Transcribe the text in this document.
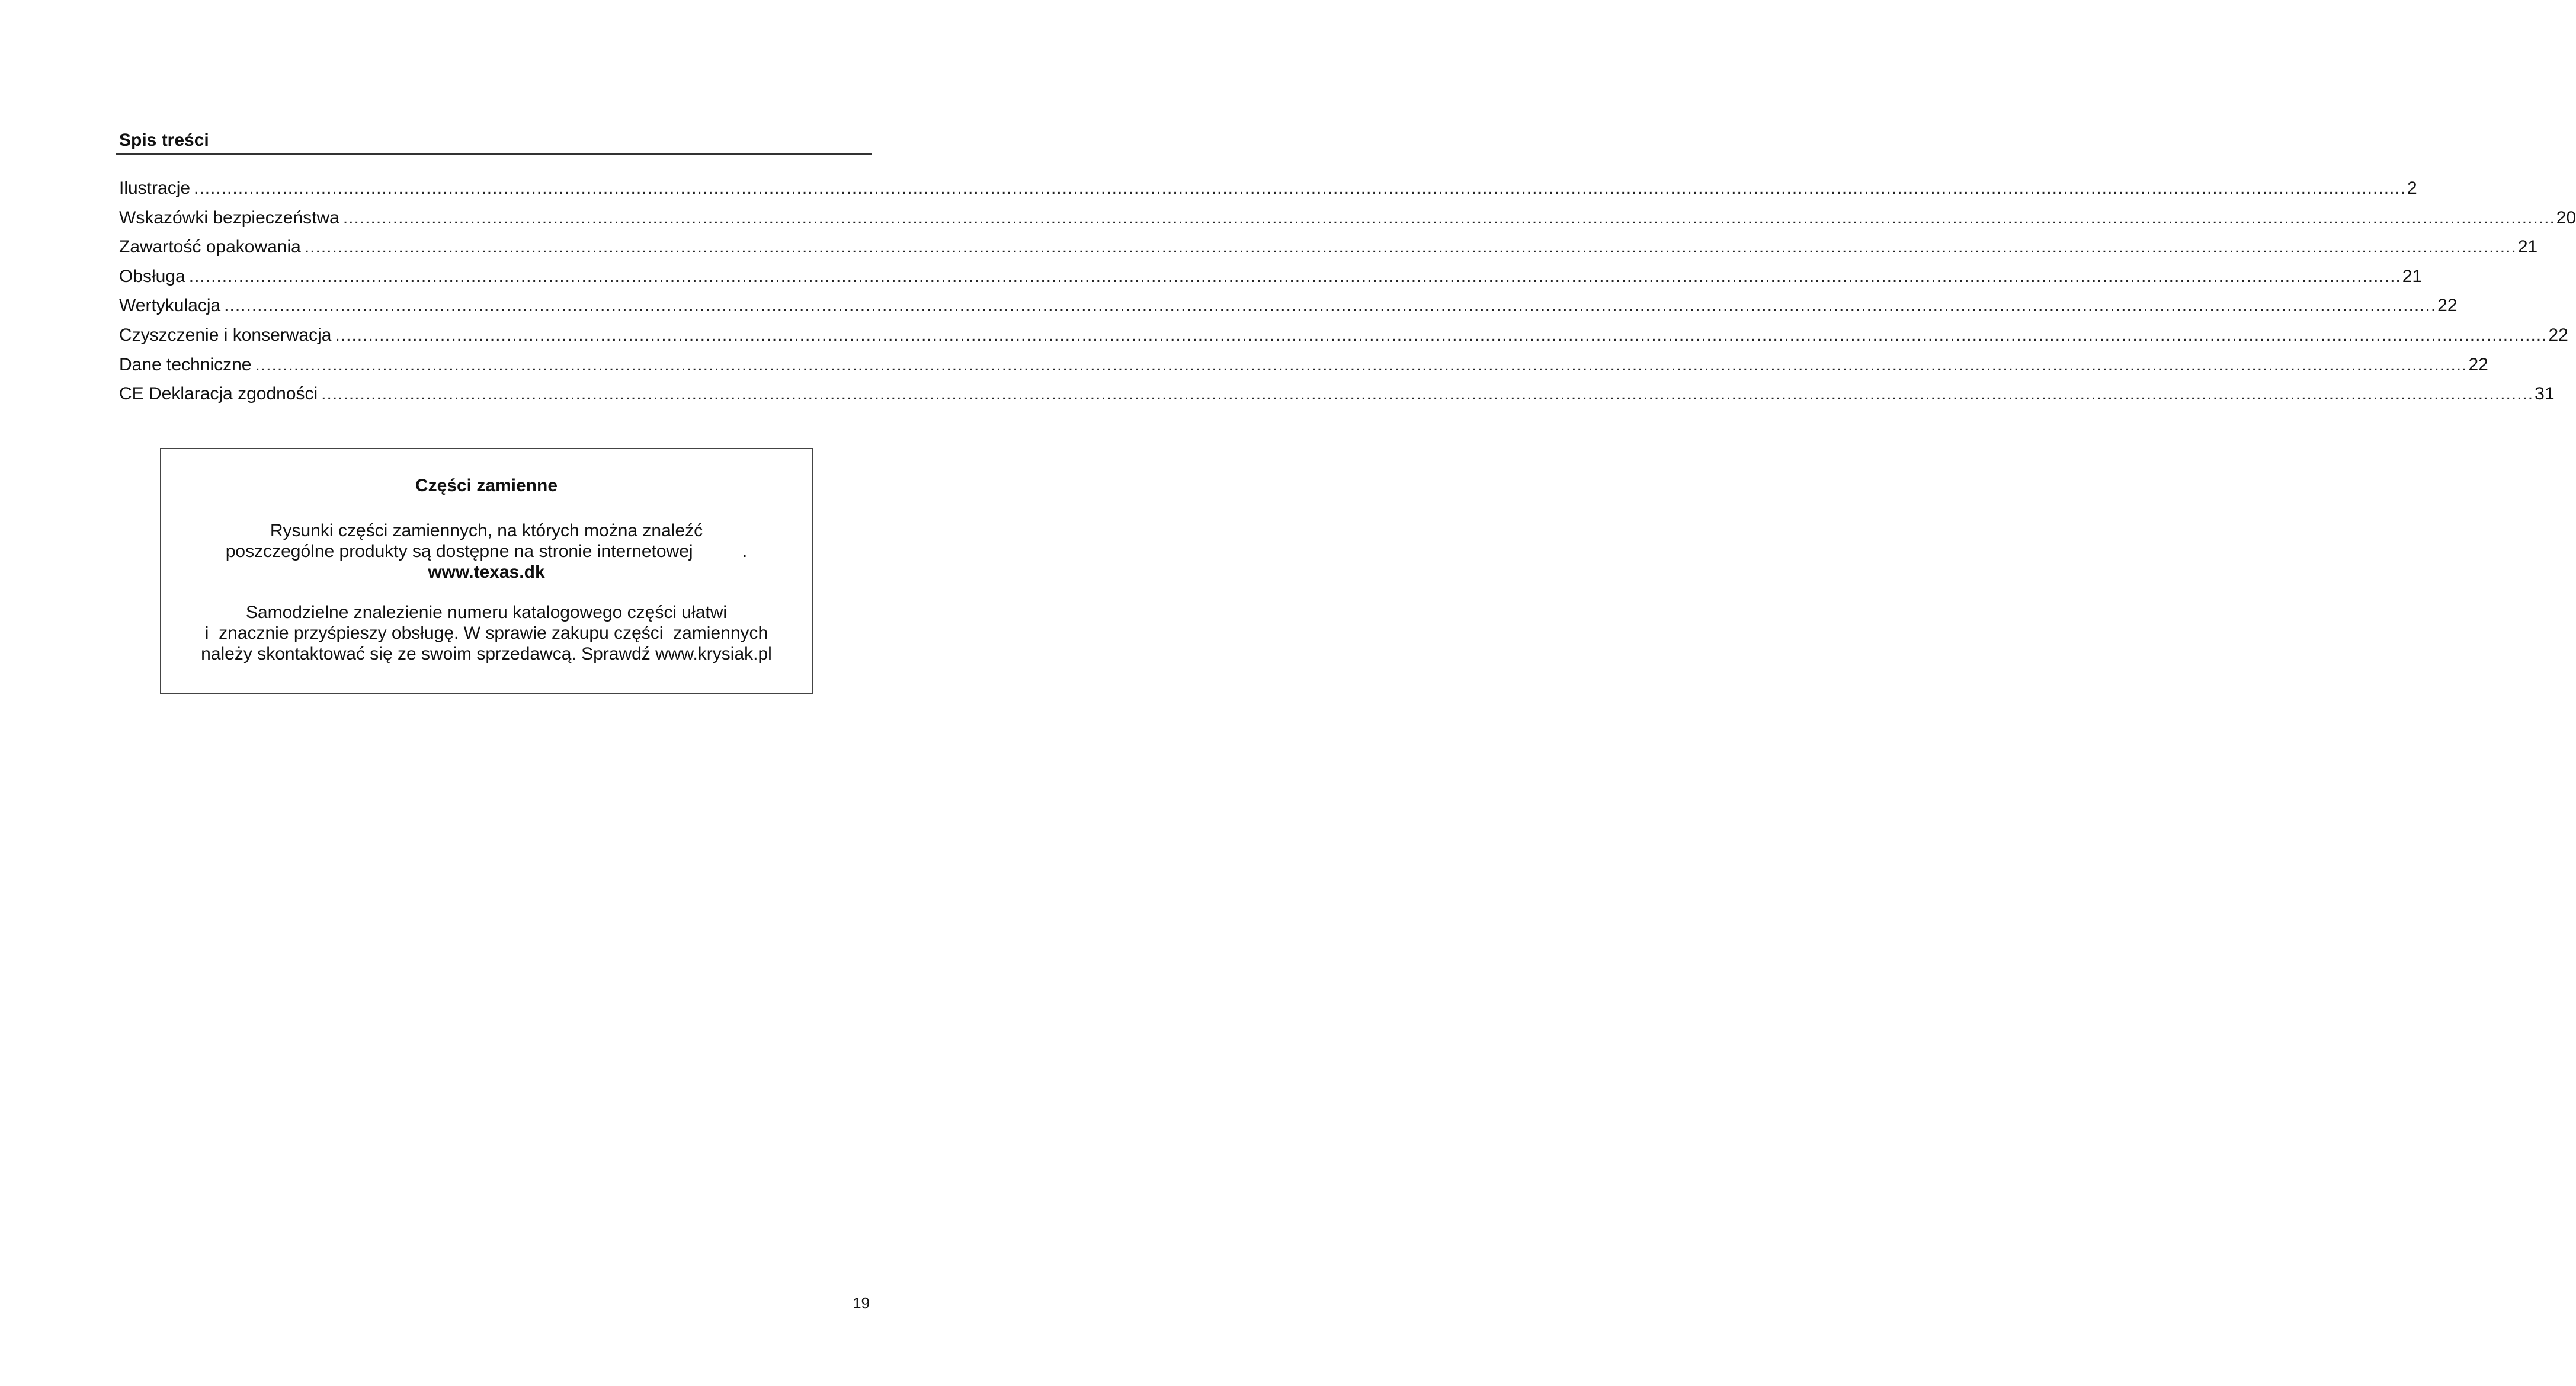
Spis treści
Ilustracje ................................................................................................................................................................................................................................................................................................................................................................................................................ 2
Wskazówki bezpieczeństwa ................................................................................................................................................................................................................................................................................................................................................................................................................ 20
Zawartość opakowania ................................................................................................................................................................................................................................................................................................................................................................................................................ 21
Obsługa ................................................................................................................................................................................................................................................................................................................................................................................................................ 21
Wertykulacja ................................................................................................................................................................................................................................................................................................................................................................................................................ 22
Czyszczenie i konserwacja ................................................................................................................................................................................................................................................................................................................................................................................................................ 22
Dane techniczne ................................................................................................................................................................................................................................................................................................................................................................................................................ 22
CE Deklaracja zgodności ................................................................................................................................................................................................................................................................................................................................................................................................................ 31
Części zamienne

Rysunki części zamiennych, na których można znaleźć
poszczególne produkty są dostępne na stronie internetowej          .
www.texas.dk

Samodzielne znalezienie numeru katalogowego części ułatwi
i  znacznie przyśpieszy obsługę. W sprawie zakupu części  zamiennych
należy skontaktować się ze swoim sprzedawcą. Sprawdź www.krysiak.pl

19
